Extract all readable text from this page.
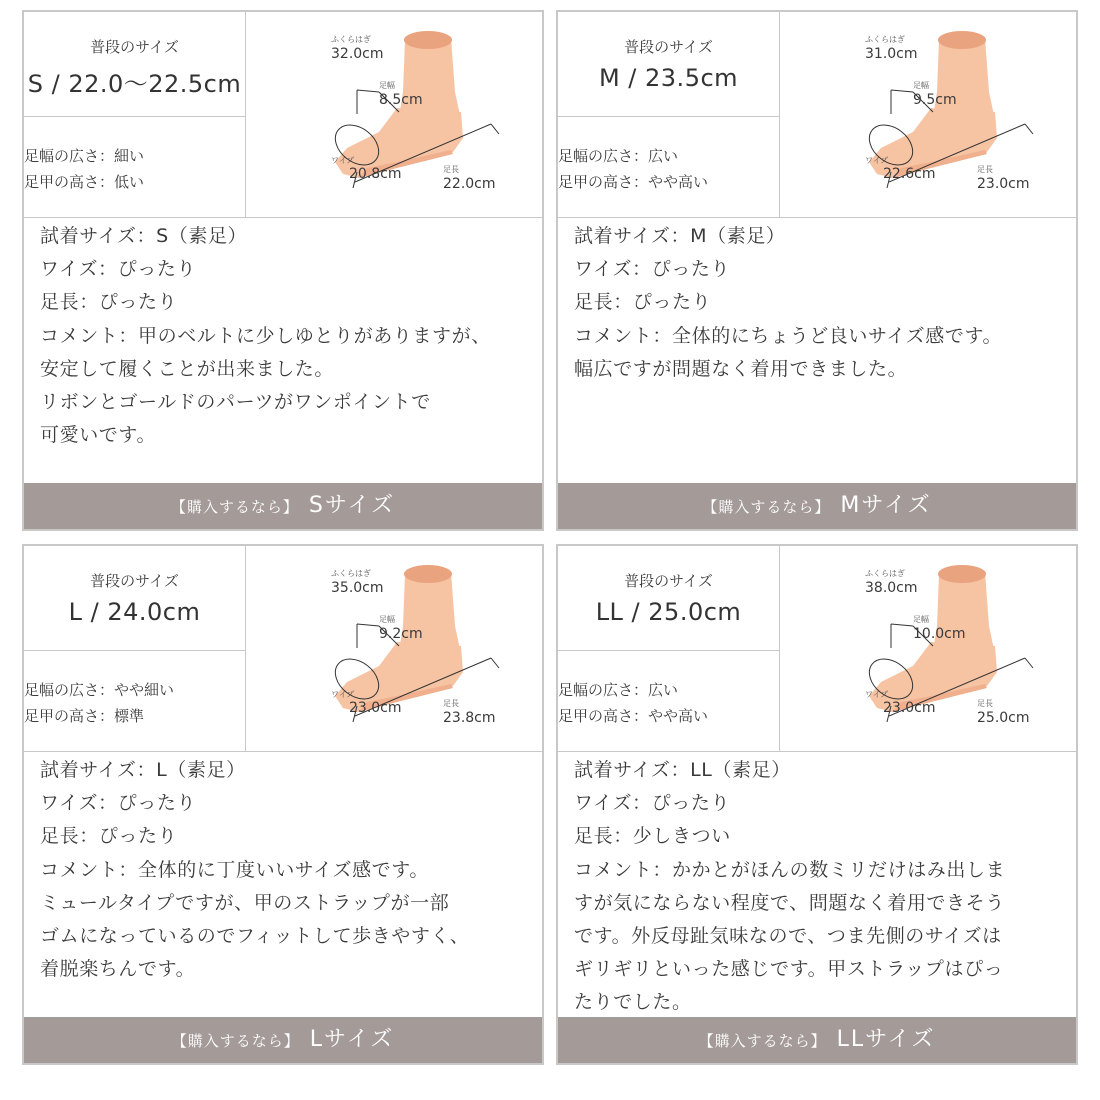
普段のサイズ
S / 22.0〜22.5cm
足幅の広さ：細い
足甲の高さ：低い
ふくらはぎ
32.0cm
足幅
8.5cm
ワイズ
20.8cm	足長
22.0cm
試着サイズ：S（素足）
ワイズ：ぴったり
足長：ぴったり
コメント：甲のベルトに少しゆとりがありますが、
安定して履くことが出来ました。
リボンとゴールドのパーツがワンポイントで
可愛いです。
【購入するなら】 Sサイズ
普段のサイズ
M / 23.5cm
足幅の広さ：広い
足甲の高さ：やや高い
ふくらはぎ
31.0cm
足幅
9.5cm
ワイズ
22.6cm	足長
23.0cm
試着サイズ：M（素足）
ワイズ：ぴったり
足長：ぴったり
コメント：全体的にちょうど良いサイズ感です。
幅広ですが問題なく着用できました。
【購入するなら】 Mサイズ
普段のサイズ
L / 24.0cm
足幅の広さ：やや細い
足甲の高さ：標準
ふくらはぎ
35.0cm
足幅
9.2cm
ワイズ
23.0cm	足長
23.8cm
試着サイズ：L（素足）
ワイズ：ぴったり
足長：ぴったり
コメント：全体的に丁度いいサイズ感です。
ミュールタイプですが、甲のストラップが一部
ゴムになっているのでフィットして歩きやすく、
着脱楽ちんです。
【購入するなら】 Lサイズ
普段のサイズ
LL / 25.0cm
足幅の広さ：広い
足甲の高さ：やや高い
ふくらはぎ
38.0cm
足幅
10.0cm
ワイズ
23.0cm	足長
25.0cm
試着サイズ：LL（素足）
ワイズ：ぴったり
足長：少しきつい
コメント：かかとがほんの数ミリだけはみ出しま
すが気にならない程度で、問題なく着用できそう
です。外反母趾気味なので、つま先側のサイズは
ギリギリといった感じです。甲ストラップはぴっ
たりでした。
【購入するなら】 LLサイズ
